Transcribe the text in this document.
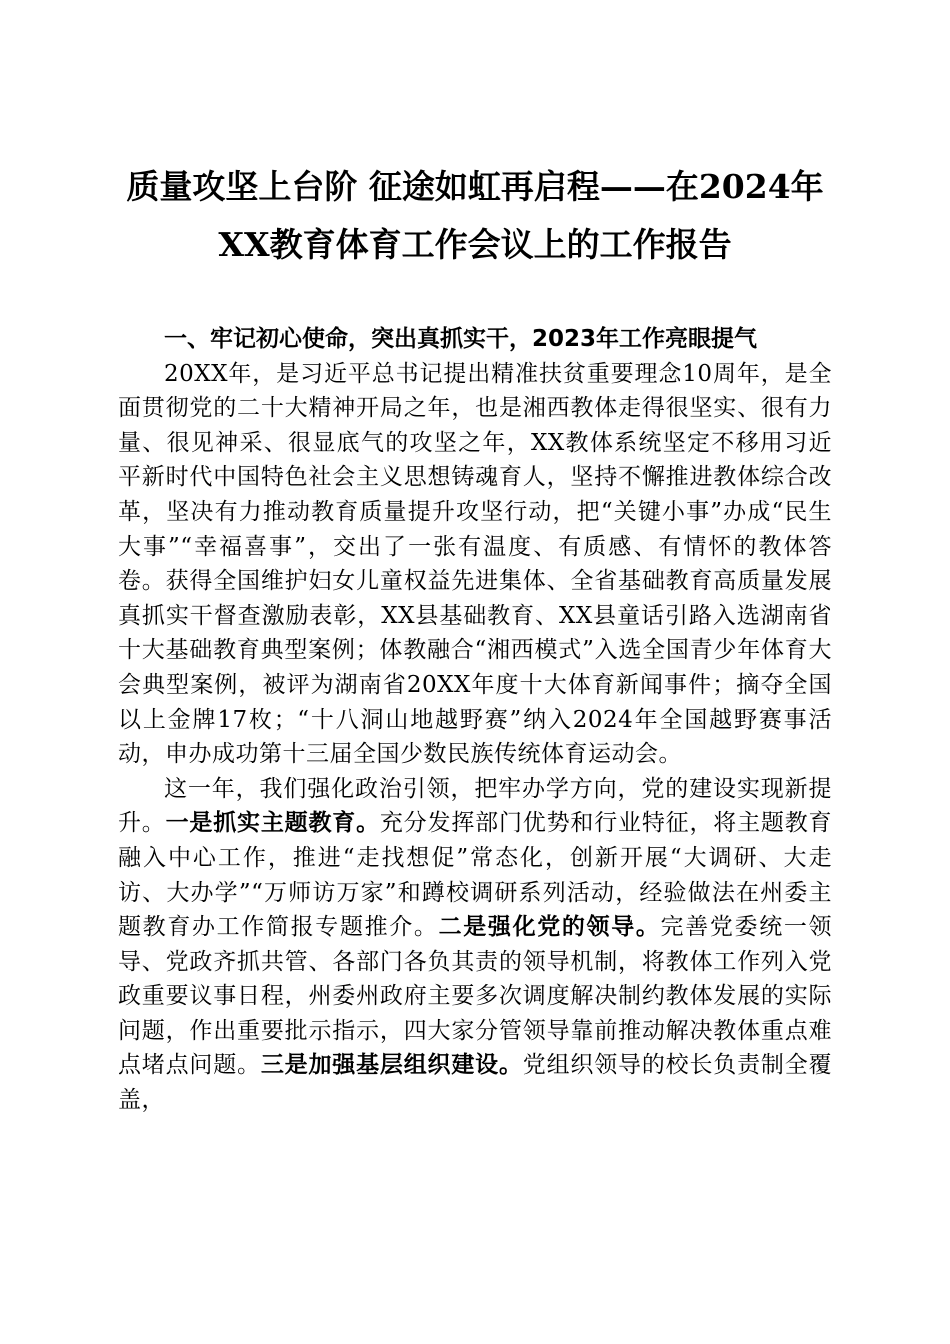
质量攻坚上台阶 征途如虹再启程——在2024年XX教育体育工作会议上的工作报告

一、牢记初心使命，突出真抓实干，2023年工作亮眼提气

20XX年，是习近平总书记提出精准扶贫重要理念10周年，是全面贯彻党的二十大精神开局之年，也是湘西教体走得很坚实、很有力量、很见神采、很显底气的攻坚之年，XX教体系统坚定不移用习近平新时代中国特色社会主义思想铸魂育人，坚持不懈推进教体综合改革，坚决有力推动教育质量提升攻坚行动，把“关键小事”办成“民生大事”“幸福喜事”，交出了一张有温度、有质感、有情怀的教体答卷。获得全国维护妇女儿童权益先进集体、全省基础教育高质量发展真抓实干督查激励表彰，XX县基础教育、XX县童话引路入选湖南省十大基础教育典型案例；体教融合“湘西模式”入选全国青少年体育大会典型案例，被评为湖南省20XX年度十大体育新闻事件；摘夺全国以上金牌17枚；“十八洞山地越野赛”纳入2024年全国越野赛事活动，申办成功第十三届全国少数民族传统体育运动会。

这一年，我们强化政治引领，把牢办学方向，党的建设实现新提升。一是抓实主题教育。充分发挥部门优势和行业特征，将主题教育融入中心工作，推进“走找想促”常态化，创新开展“大调研、大走访、大办学”“万师访万家”和蹲校调研系列活动，经验做法在州委主题教育办工作简报专题推介。二是强化党的领导。完善党委统一领导、党政齐抓共管、各部门各负其责的领导机制，将教体工作列入党政重要议事日程，州委州政府主要多次调度解决制约教体发展的实际问题，作出重要批示指示，四大家分管领导靠前推动解决教体重点难点堵点问题。三是加强基层组织建设。党组织领导的校长负责制全覆盖，
